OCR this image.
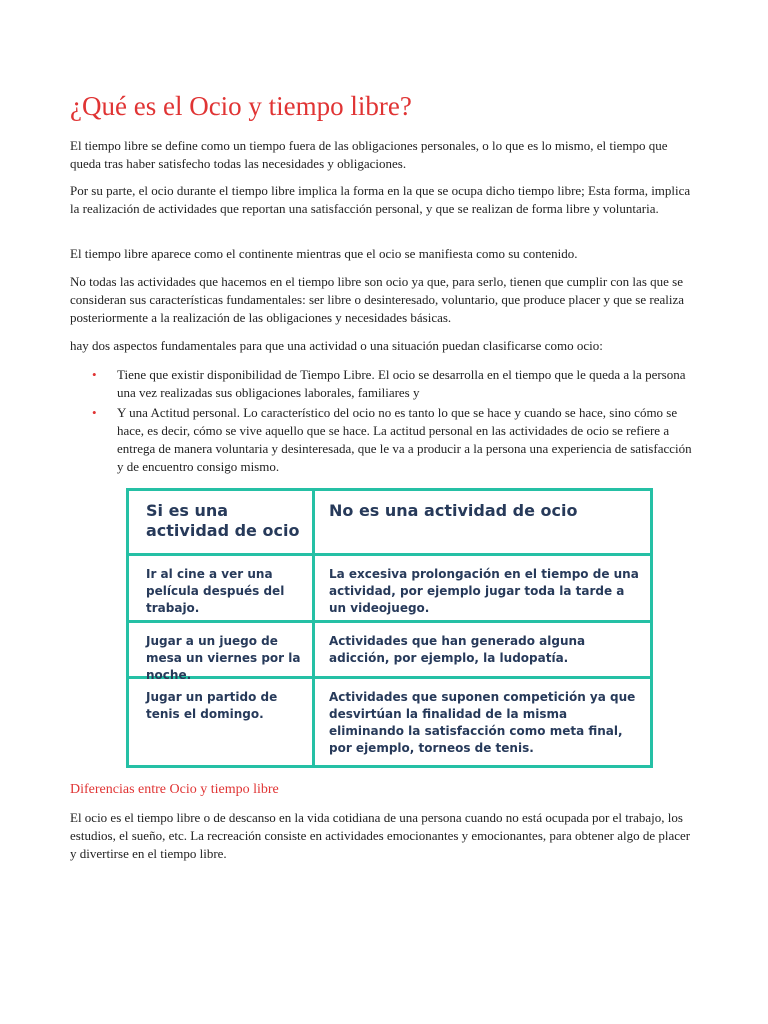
¿Qué es el Ocio y tiempo libre?

El tiempo libre se define como un tiempo fuera de las obligaciones personales, o lo que es lo mismo, el tiempo que queda tras haber satisfecho todas las necesidades y obligaciones.

Por su parte, el ocio durante el tiempo libre implica la forma en la que se ocupa dicho tiempo libre; Esta forma, implica la realización de actividades que reportan una satisfacción personal, y que se realizan de forma libre y voluntaria.

El tiempo libre aparece como el continente mientras que el ocio se manifiesta como su contenido.

No todas las actividades que hacemos en el tiempo libre son ocio ya que, para serlo, tienen que cumplir con las que se consideran sus características fundamentales: ser libre o desinteresado, voluntario, que produce placer y que se realiza posteriormente a la realización de las obligaciones y necesidades básicas.

hay dos aspectos fundamentales para que una actividad o una situación puedan clasificarse como ocio:

• Tiene que existir disponibilidad de Tiempo Libre. El ocio se desarrolla en el tiempo que le queda a la persona una vez realizadas sus obligaciones laborales, familiares y
• Y una Actitud personal. Lo característico del ocio no es tanto lo que se hace y cuando se hace, sino cómo se hace, es decir, cómo se vive aquello que se hace. La actitud personal en las actividades de ocio se refiere a entrega de manera voluntaria y desinteresada, que le va a producir a la persona una experiencia de satisfacción y de encuentro consigo mismo.
Si es una actividad de ocio
No es una actividad de ocio
Ir al cine a ver una película después del trabajo.
La excesiva prolongación en el tiempo de una actividad, por ejemplo jugar toda la tarde a un videojuego.
Jugar a un juego de mesa un viernes por la noche.
Actividades que han generado alguna adicción, por ejemplo, la ludopatía.
Jugar un partido de tenis el domingo.
Actividades que suponen competición ya que desvirtúan la finalidad de la misma eliminando la satisfacción como meta final, por ejemplo, torneos de tenis.
Diferencias entre Ocio y tiempo libre

El ocio es el tiempo libre o de descanso en la vida cotidiana de una persona cuando no está ocupada por el trabajo, los estudios, el sueño, etc. La recreación consiste en actividades emocionantes y emocionantes, para obtener algo de placer y divertirse en el tiempo libre.
